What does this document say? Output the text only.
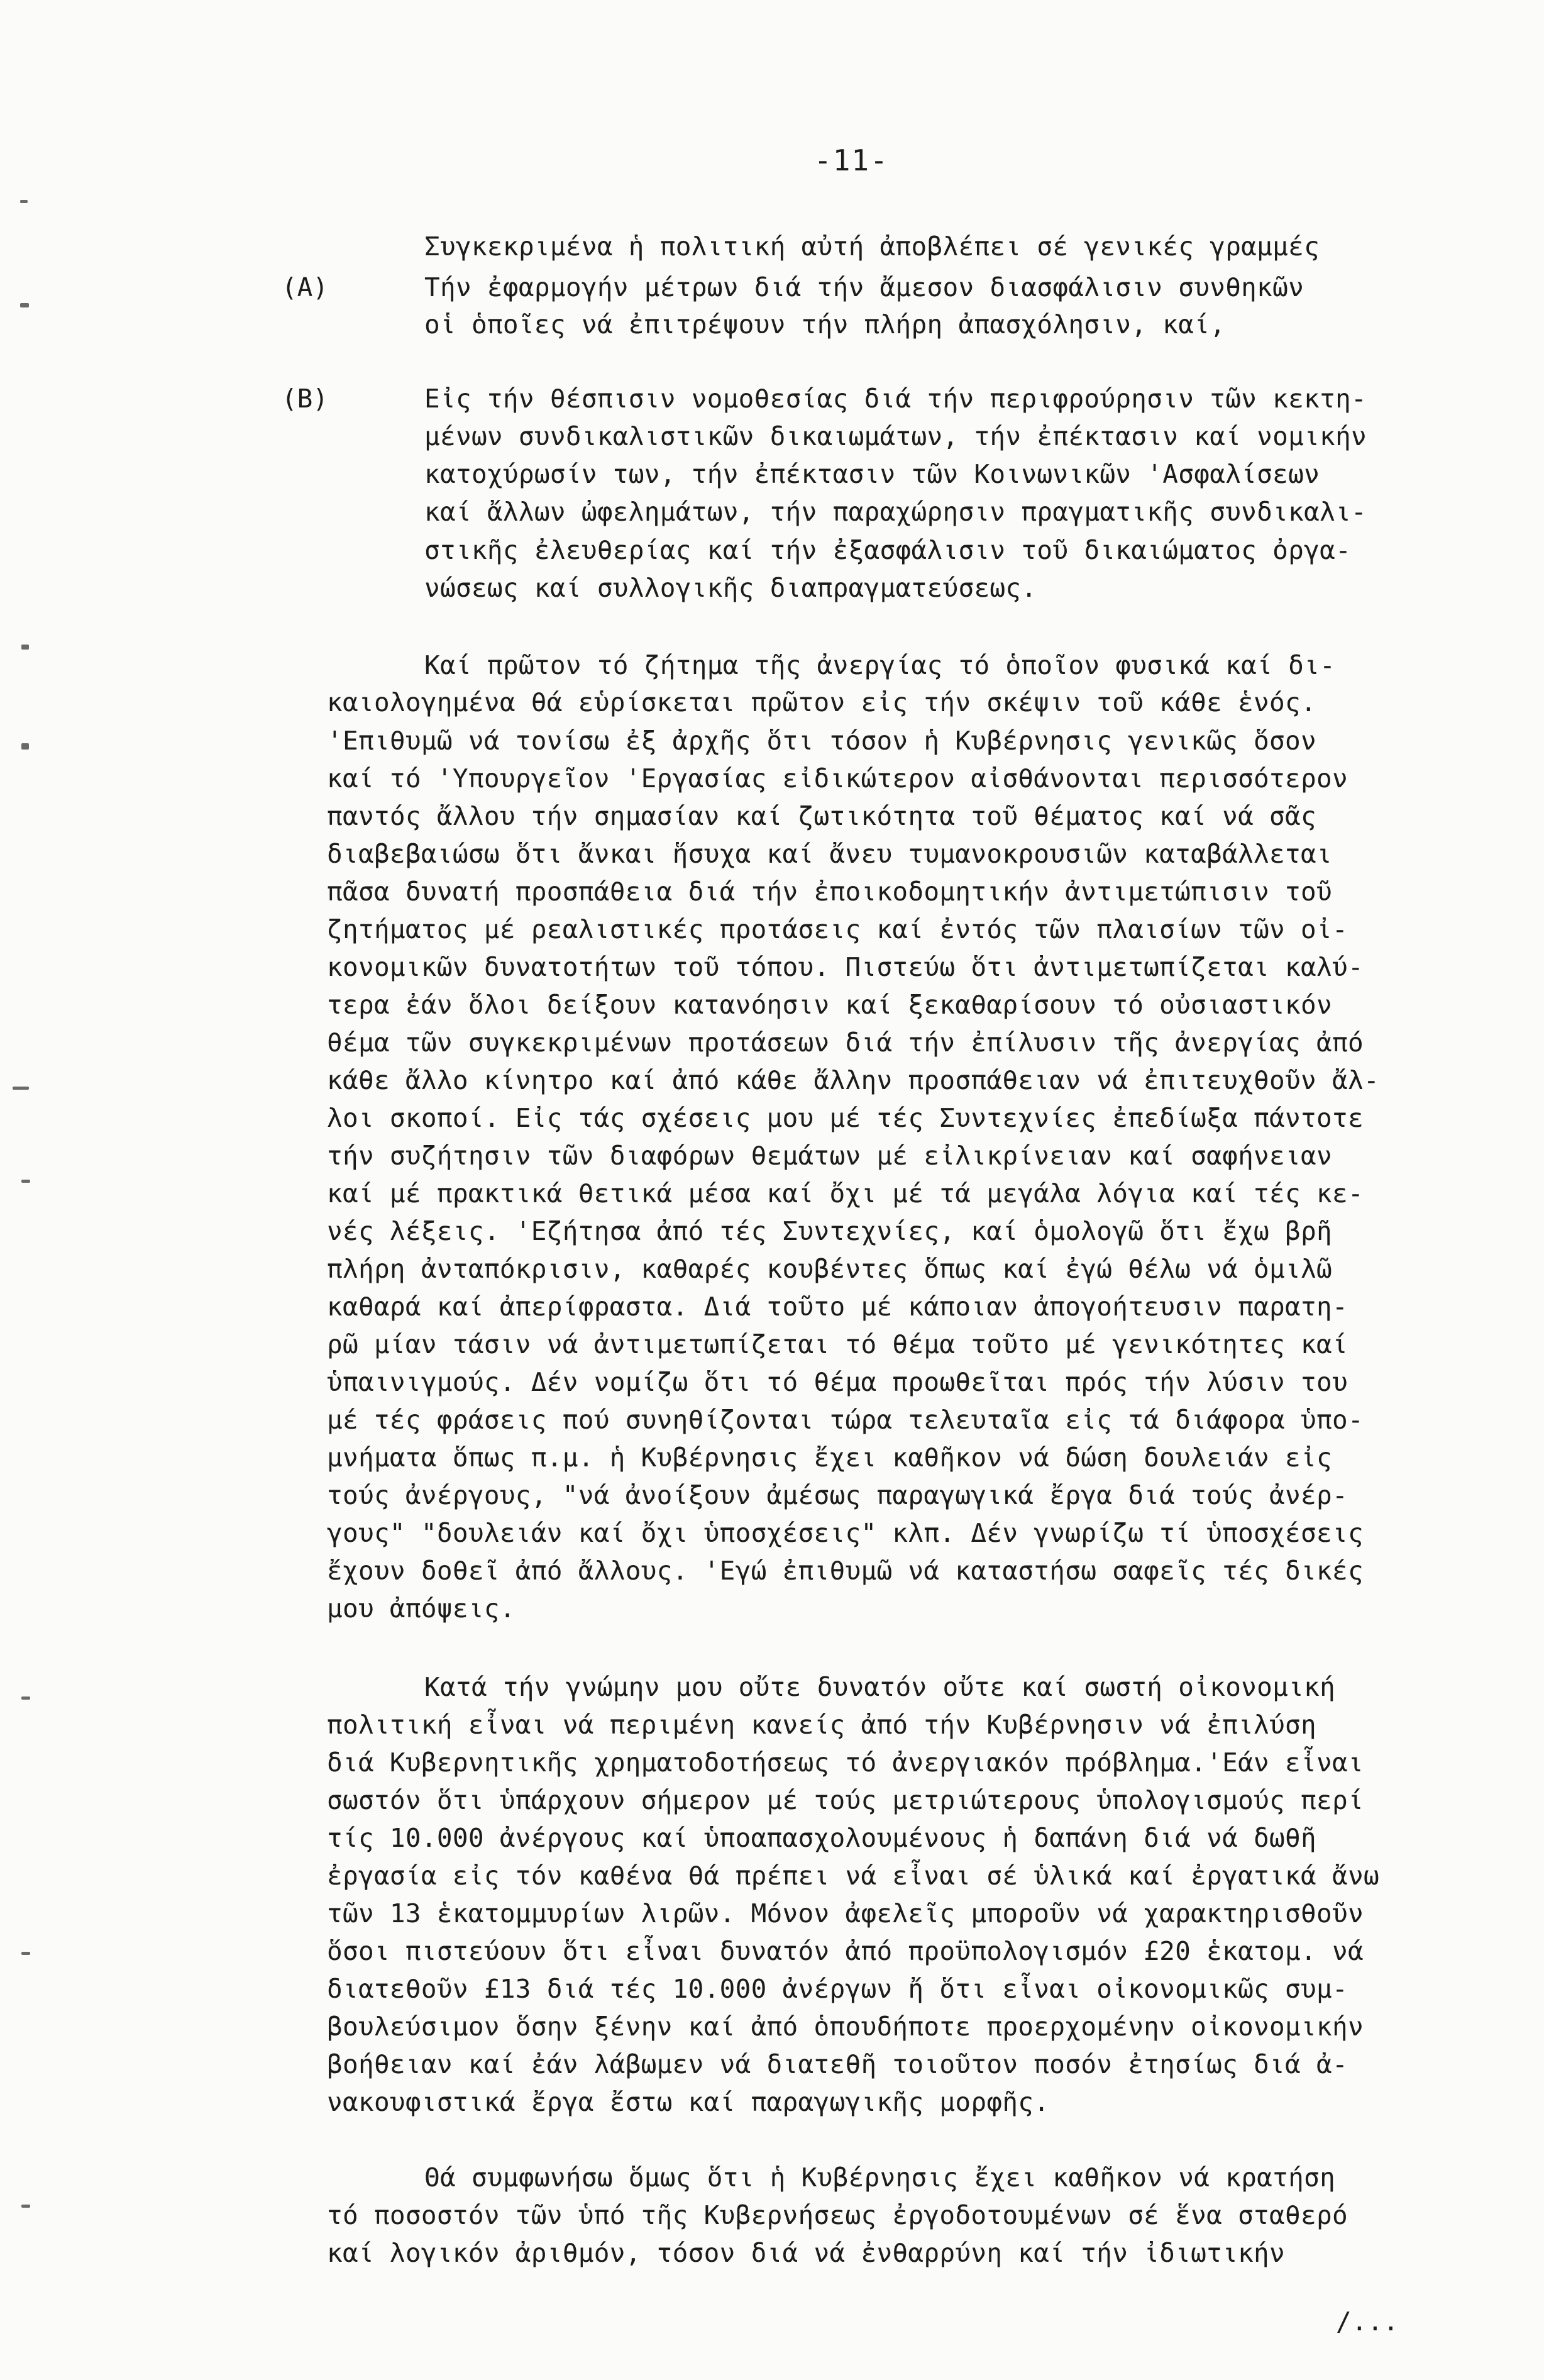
-11-
Συγκεκριμένα ἡ πολιτική αὐτή ἀποβλέπει σέ γενικές γραμμές
(A)	Τήν ἐφαρμογήν μέτρων διά τήν ἄμεσον διασφάλισιν συνθηκῶν
οἱ ὁποῖες νά ἐπιτρέψουν τήν πλήρη ἀπασχόλησιν, καί,
(B)	Εἰς τήν θέσπισιν νομοθεσίας διά τήν περιφρούρησιν τῶν κεκτη-
μένων συνδικαλιστικῶν δικαιωμάτων, τήν ἐπέκτασιν καί νομικήν
κατοχύρωσίν των, τήν ἐπέκτασιν τῶν Κοινωνικῶν 'Ασφαλίσεων
καί ἄλλων ὠφελημάτων, τήν παραχώρησιν πραγματικῆς συνδικαλι-
στικῆς ἐλευθερίας καί τήν ἐξασφάλισιν τοῦ δικαιώματος ὀργα-
νώσεως καί συλλογικῆς διαπραγματεύσεως.
Καί πρῶτον τό ζήτημα τῆς ἀνεργίας τό ὁποῖον φυσικά καί δι-
καιολογημένα θά εὑρίσκεται πρῶτον εἰς τήν σκέψιν τοῦ κάθε ἑνός.
'Επιθυμῶ νά τονίσω ἐξ ἀρχῆς ὅτι τόσον ἡ Κυβέρνησις γενικῶς ὅσον
καί τό 'Υπουργεῖον 'Εργασίας εἰδικώτερον αἰσθάνονται περισσότερον
παντός ἄλλου τήν σημασίαν καί ζωτικότητα τοῦ θέματος καί νά σᾶς
διαβεβαιώσω ὅτι ἄνκαι ἥσυχα καί ἄνευ τυμανοκρουσιῶν καταβάλλεται
πᾶσα δυνατή προσπάθεια διά τήν ἐποικοδομητικήν ἀντιμετώπισιν τοῦ
ζητήματος μέ ρεαλιστικές προτάσεις καί ἐντός τῶν πλαισίων τῶν οἰ-
κονομικῶν δυνατοτήτων τοῦ τόπου. Πιστεύω ὅτι ἀντιμετωπίζεται καλύ-
τερα ἐάν ὅλοι δείξουν κατανόησιν καί ξεκαθαρίσουν τό οὐσιαστικόν
θέμα τῶν συγκεκριμένων προτάσεων διά τήν ἐπίλυσιν τῆς ἀνεργίας ἀπό
κάθε ἄλλο κίνητρο καί ἀπό κάθε ἄλλην προσπάθειαν νά ἐπιτευχθοῦν ἄλ-
λοι σκοποί. Εἰς τάς σχέσεις μου μέ τές Συντεχνίες ἐπεδίωξα πάντοτε
τήν συζήτησιν τῶν διαφόρων θεμάτων μέ εἰλικρίνειαν καί σαφήνειαν
καί μέ πρακτικά θετικά μέσα καί ὄχι μέ τά μεγάλα λόγια καί τές κε-
νές λέξεις. 'Εζήτησα ἀπό τές Συντεχνίες, καί ὁμολογῶ ὅτι ἔχω βρῆ
πλήρη ἀνταπόκρισιν, καθαρές κουβέντες ὅπως καί ἐγώ θέλω νά ὁμιλῶ
καθαρά καί ἀπερίφραστα. Διά τοῦτο μέ κάποιαν ἀπογοήτευσιν παρατη-
ρῶ μίαν τάσιν νά ἀντιμετωπίζεται τό θέμα τοῦτο μέ γενικότητες καί
ὑπαινιγμούς. Δέν νομίζω ὅτι τό θέμα προωθεῖται πρός τήν λύσιν του
μέ τές φράσεις πού συνηθίζονται τώρα τελευταῖα εἰς τά διάφορα ὑπο-
μνήματα ὅπως π.μ. ἡ Κυβέρνησις ἔχει καθῆκον νά δώση δουλειάν εἰς
τούς ἀνέργους, "νά ἀνοίξουν ἀμέσως παραγωγικά ἔργα διά τούς ἀνέρ-
γους" "δουλειάν καί ὄχι ὑποσχέσεις" κλπ. Δέν γνωρίζω τί ὑποσχέσεις
ἔχουν δοθεῖ ἀπό ἄλλους. 'Εγώ ἐπιθυμῶ νά καταστήσω σαφεῖς τές δικές
μου ἀπόψεις.
Κατά τήν γνώμην μου οὔτε δυνατόν οὔτε καί σωστή οἰκονομική
πολιτική εἶναι νά περιμένη κανείς ἀπό τήν Κυβέρνησιν νά ἐπιλύση
διά Κυβερνητικῆς χρηματοδοτήσεως τό ἀνεργιακόν πρόβλημα.'Εάν εἶναι
σωστόν ὅτι ὑπάρχουν σήμερον μέ τούς μετριώτερους ὑπολογισμούς περί
τίς 10.000 ἀνέργους καί ὑποαπασχολουμένους ἡ δαπάνη διά νά δωθῆ
ἐργασία εἰς τόν καθένα θά πρέπει νά εἶναι σέ ὑλικά καί ἐργατικά ἄνω
τῶν 13 ἑκατομμυρίων λιρῶν. Μόνον ἀφελεῖς μποροῦν νά χαρακτηρισθοῦν
ὅσοι πιστεύουν ὅτι εἶναι δυνατόν ἀπό προϋπολογισμόν £20 ἑκατομ. νά
διατεθοῦν £13 διά τές 10.000 ἀνέργων ἤ ὅτι εἶναι οἰκονομικῶς συμ-
βουλεύσιμον ὅσην ξένην καί ἀπό ὁπουδήποτε προερχομένην οἰκονομικήν
βοήθειαν καί ἐάν λάβωμεν νά διατεθῆ τοιοῦτον ποσόν ἐτησίως διά ἀ-
νακουφιστικά ἔργα ἔστω καί παραγωγικῆς μορφῆς.
Θά συμφωνήσω ὅμως ὅτι ἡ Κυβέρνησις ἔχει καθῆκον νά κρατήση
τό ποσοστόν τῶν ὑπό τῆς Κυβερνήσεως ἐργοδοτουμένων σέ ἕνα σταθερό
καί λογικόν ἀριθμόν, τόσον διά νά ἐνθαρρύνη καί τήν ἰδιωτικήν
/...
